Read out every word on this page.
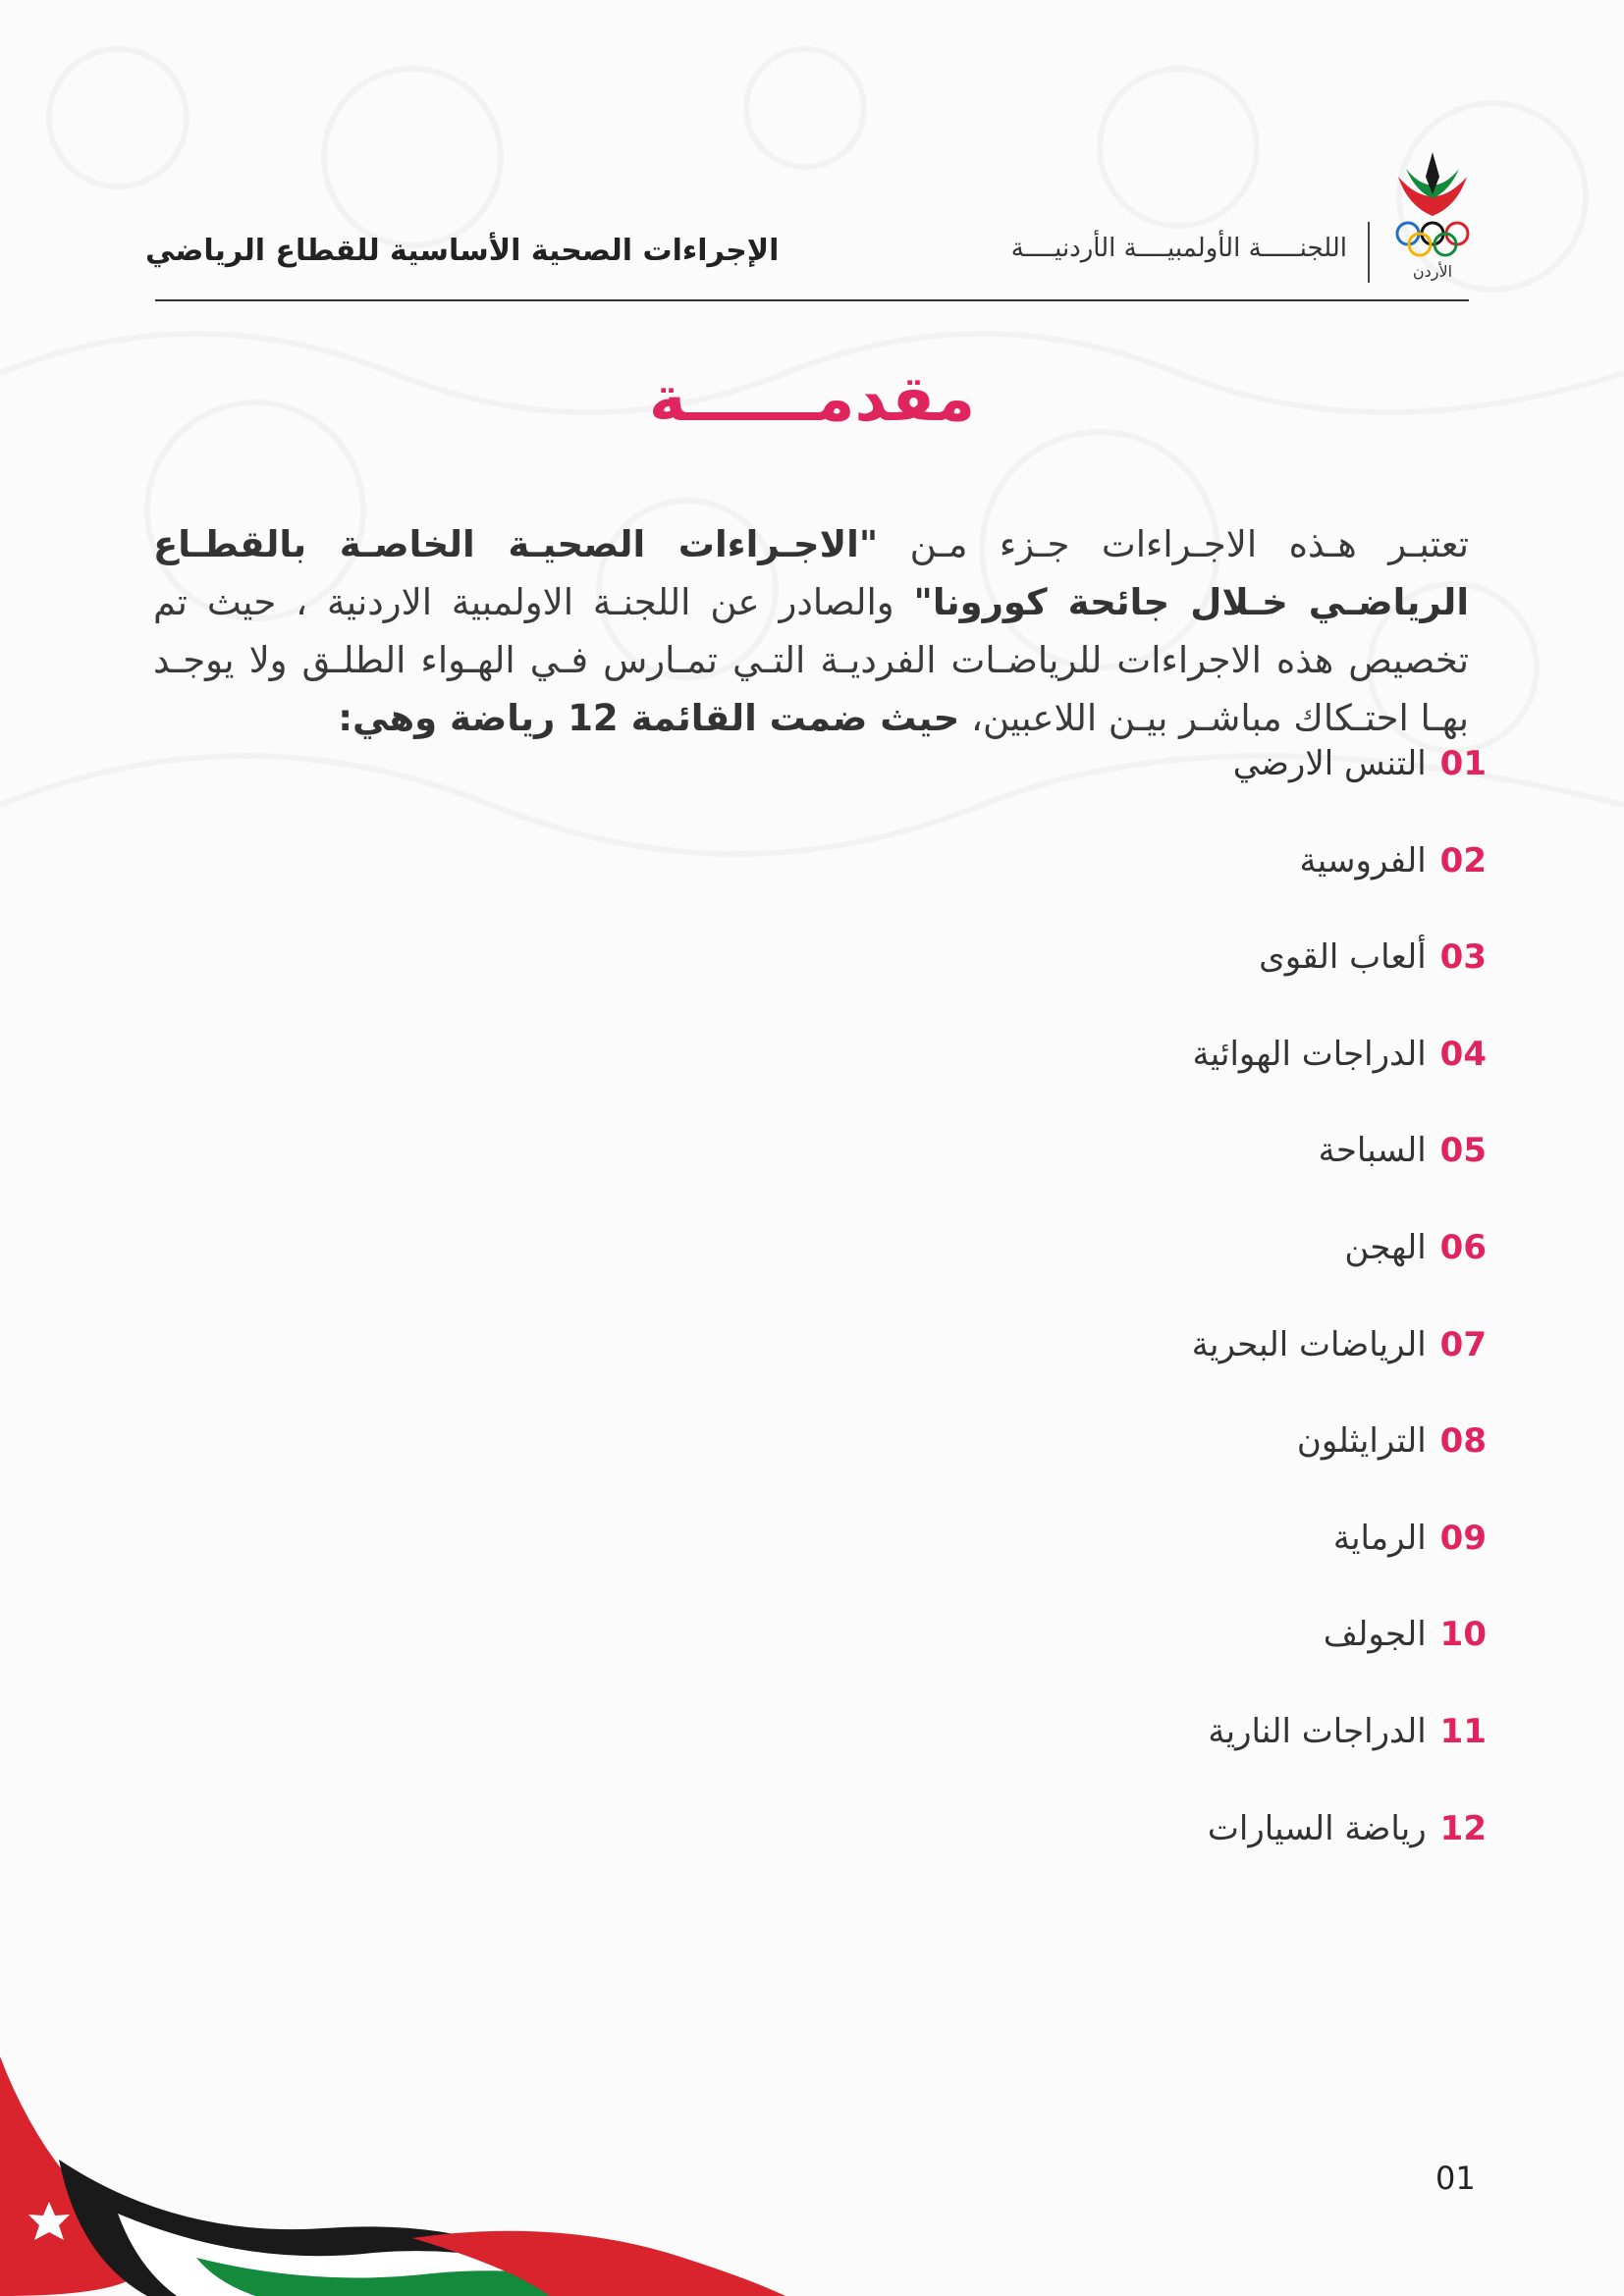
الأردن
اللجنـــــة الأولمبيــــة الأردنيــــة
الإجراءات الصحية الأساسية للقطاع الرياضي
مقدمــــــة

تعتبـر هـذه الاجـراءات جـزء مـن "الاجـراءات الصحيـة الخاصـة بالقطـاع الرياضـي خـلال جائحة كورونا" والصادر عن اللجنـة الاولمبية الاردنية ، حيث تم تخصيص هذه الاجراءات للرياضـات الفرديـة التـي تمـارس فـي الهـواء الطلـق ولا يوجـد بهـا احتـكاك مباشـر بيـن اللاعبين، حيث ضمت القائمة 12 رياضة وهي:

01
التنس الارضي
02
الفروسية
03
ألعاب القوى
04
الدراجات الهوائية
05
السباحة
06
الهجن
07
الرياضات البحرية
08
الترايثلون
09
الرماية
10
الجولف
11
الدراجات النارية
12
رياضة السيارات
01
